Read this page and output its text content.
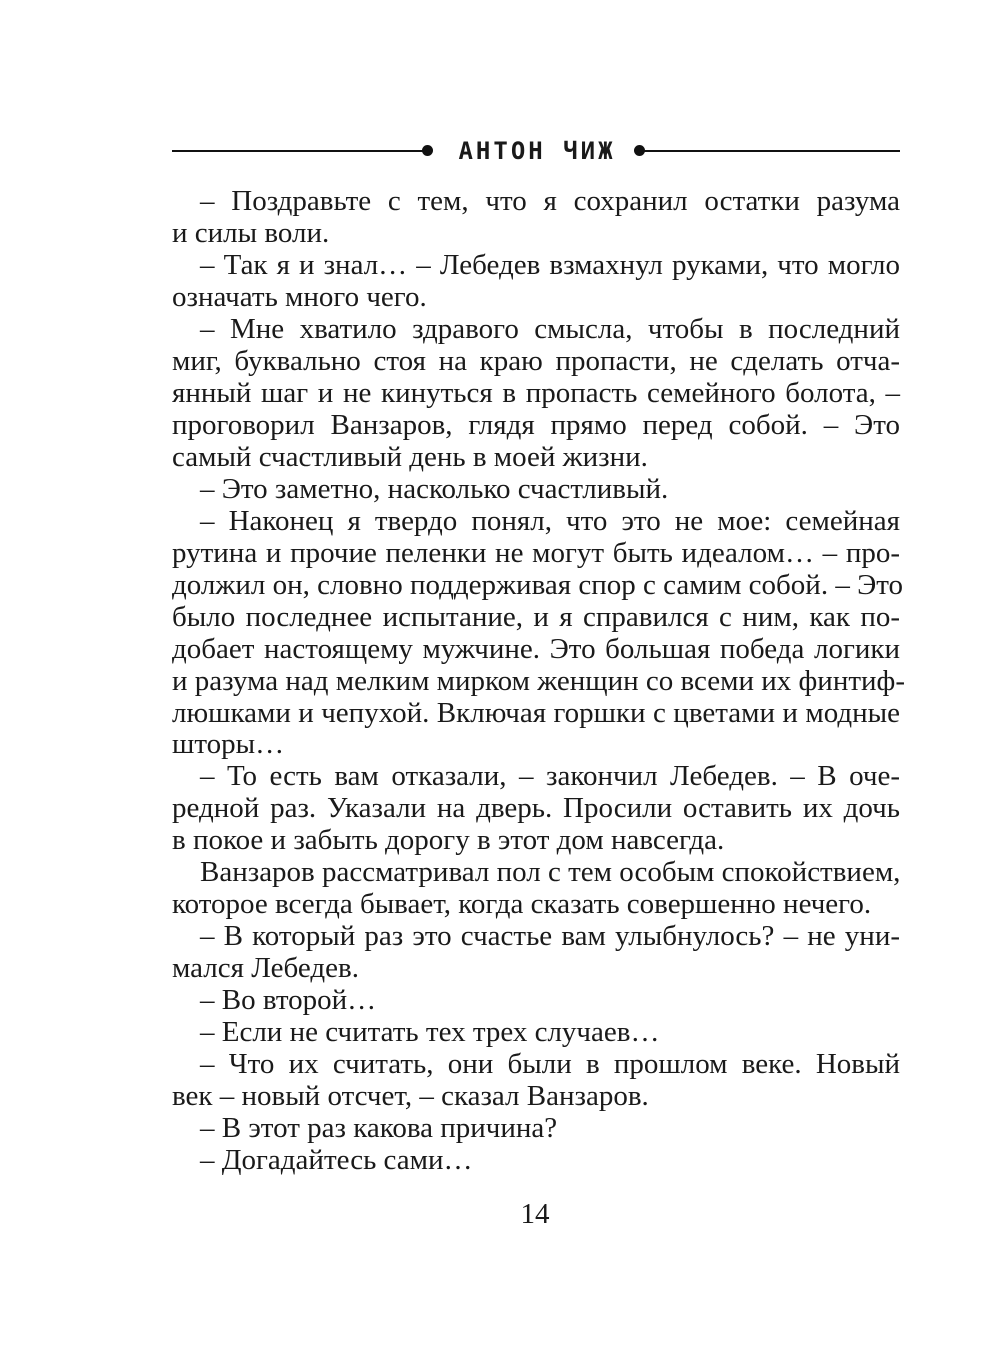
АНТОН ЧИЖ
– Поздравьте с тем, что я сохранил остатки разума
и силы воли.
– Так я и знал… – Лебедев взмахнул руками, что могло
означать много чего.
– Мне хватило здравого смысла, чтобы в последний
миг, буквально стоя на краю пропасти, не сделать отча-
янный шаг и не кинуться в пропасть семейного болота, –
проговорил Ванзаров, глядя прямо перед собой. – Это
самый счастливый день в моей жизни.
– Это заметно, насколько счастливый.
– Наконец я твердо понял, что это не мое: семейная
рутина и прочие пеленки не могут быть идеалом… – про-
должил он, словно поддерживая спор с самим собой. – Это
было последнее испытание, и я справился с ним, как по-
добает настоящему мужчине. Это большая победа логики
и разума над мелким мирком женщин со всеми их финтиф-
люшками и чепухой. Включая горшки с цветами и модные
шторы…
– То есть вам отказали, – закончил Лебедев. – В оче-
редной раз. Указали на дверь. Просили оставить их дочь
в покое и забыть дорогу в этот дом навсегда.
Ванзаров рассматривал пол с тем особым спокойствием,
которое всегда бывает, когда сказать совершенно нечего.
– В который раз это счастье вам улыбнулось? – не уни-
мался Лебедев.
– Во второй…
– Если не считать тех трех случаев…
– Что их считать, они были в прошлом веке. Новый
век – новый отсчет, – сказал Ванзаров.
– В этот раз какова причина?
– Догадайтесь сами…
14
